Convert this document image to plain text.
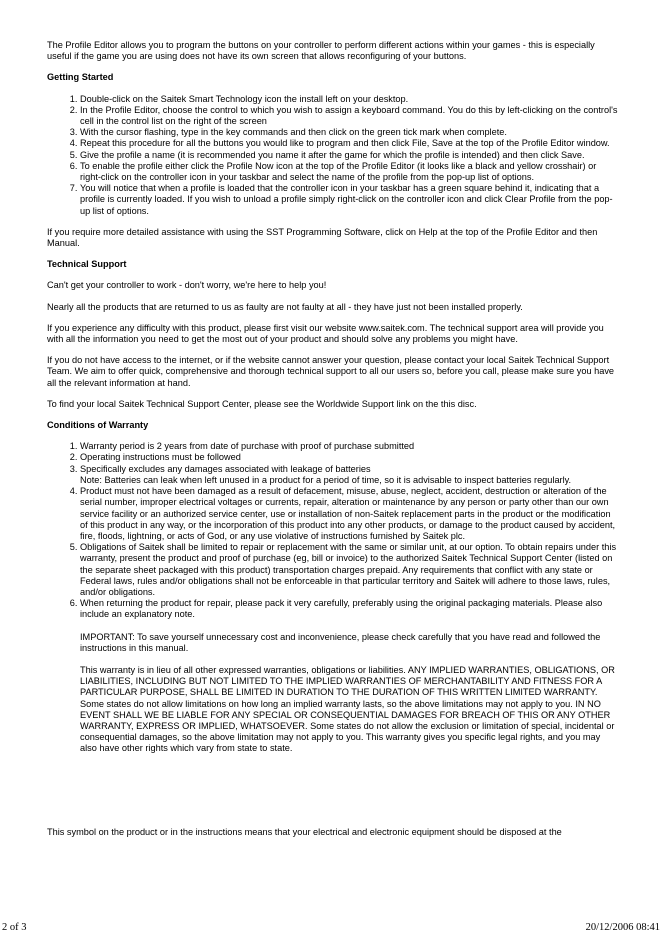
The Profile Editor allows you to program the buttons on your controller to perform different actions within your games - this is especially useful if the game you are using does not have its own screen that allows reconfiguring of your buttons.

Getting Started
1. Double-click on the Saitek Smart Technology icon the install left on your desktop.
2. In the Profile Editor, choose the control to which you wish to assign a keyboard command. You do this by left-clicking on the control's cell in the control list on the right of the screen
3. With the cursor flashing, type in the key commands and then click on the green tick mark when complete.
4. Repeat this procedure for all the buttons you would like to program and then click File, Save at the top of the Profile Editor window.
5. Give the profile a name (it is recommended you name it after the game for which the profile is intended) and then click Save.
6. To enable the profile either click the Profile Now icon at the top of the Profile Editor (it looks like a black and yellow crosshair) or right-click on the controller icon in your taskbar and select the name of the profile from the pop-up list of options.
7. You will notice that when a profile is loaded that the controller icon in your taskbar has a green square behind it, indicating that a profile is currently loaded. If you wish to unload a profile simply right-click on the controller icon and click Clear Profile from the pop-up list of options.

If you require more detailed assistance with using the SST Programming Software, click on Help at the top of the Profile Editor and then Manual.

Technical Support

Can't get your controller to work - don't worry, we're here to help you!

Nearly all the products that are returned to us as faulty are not faulty at all - they have just not been installed properly.

If you experience any difficulty with this product, please first visit our website www.saitek.com. The technical support area will provide you with all the information you need to get the most out of your product and should solve any problems you might have.

If you do not have access to the internet, or if the website cannot answer your question, please contact your local Saitek Technical Support Team. We aim to offer quick, comprehensive and thorough technical support to all our users so, before you call, please make sure you have all the relevant information at hand.

To find your local Saitek Technical Support Center, please see the Worldwide Support link on the this disc.

Conditions of Warranty
1. Warranty period is 2 years from date of purchase with proof of purchase submitted
2. Operating instructions must be followed
3. Specifically excludes any damages associated with leakage of batteries
Note: Batteries can leak when left unused in a product for a period of time, so it is advisable to inspect batteries regularly.
4. Product must not have been damaged as a result of defacement, misuse, abuse, neglect, accident, destruction or alteration of the serial number, improper electrical voltages or currents, repair, alteration or maintenance by any person or party other than our own service facility or an authorized service center, use or installation of non-Saitek replacement parts in the product or the modification of this product in any way, or the incorporation of this product into any other products, or damage to the product caused by accident, fire, floods, lightning, or acts of God, or any use violative of instructions furnished by Saitek plc.
5. Obligations of Saitek shall be limited to repair or replacement with the same or similar unit, at our option. To obtain repairs under this warranty, present the product and proof of purchase (eg, bill or invoice) to the authorized Saitek Technical Support Center (listed on the separate sheet packaged with this product) transportation charges prepaid. Any requirements that conflict with any state or Federal laws, rules and/or obligations shall not be enforceable in that particular territory and Saitek will adhere to those laws, rules, and/or obligations.
6. When returning the product for repair, please pack it very carefully, preferably using the original packaging materials. Please also include an explanatory note.
IMPORTANT: To save yourself unnecessary cost and inconvenience, please check carefully that you have read and followed the instructions in this manual.
This warranty is in lieu of all other expressed warranties, obligations or liabilities. ANY IMPLIED WARRANTIES, OBLIGATIONS, OR LIABILITIES, INCLUDING BUT NOT LIMITED TO THE IMPLIED WARRANTIES OF MERCHANTABILITY AND FITNESS FOR A PARTICULAR PURPOSE, SHALL BE LIMITED IN DURATION TO THE DURATION OF THIS WRITTEN LIMITED WARRANTY. Some states do not allow limitations on how long an implied warranty lasts, so the above limitations may not apply to you. IN NO EVENT SHALL WE BE LIABLE FOR ANY SPECIAL OR CONSEQUENTIAL DAMAGES FOR BREACH OF THIS OR ANY OTHER WARRANTY, EXPRESS OR IMPLIED, WHATSOEVER. Some states do not allow the exclusion or limitation of special, incidental or consequential damages, so the above limitation may not apply to you. This warranty gives you specific legal rights, and you may also have other rights which vary from state to state.

This symbol on the product or in the instructions means that your electrical and electronic equipment should be disposed at the

2 of 3	20/12/2006 08:41
